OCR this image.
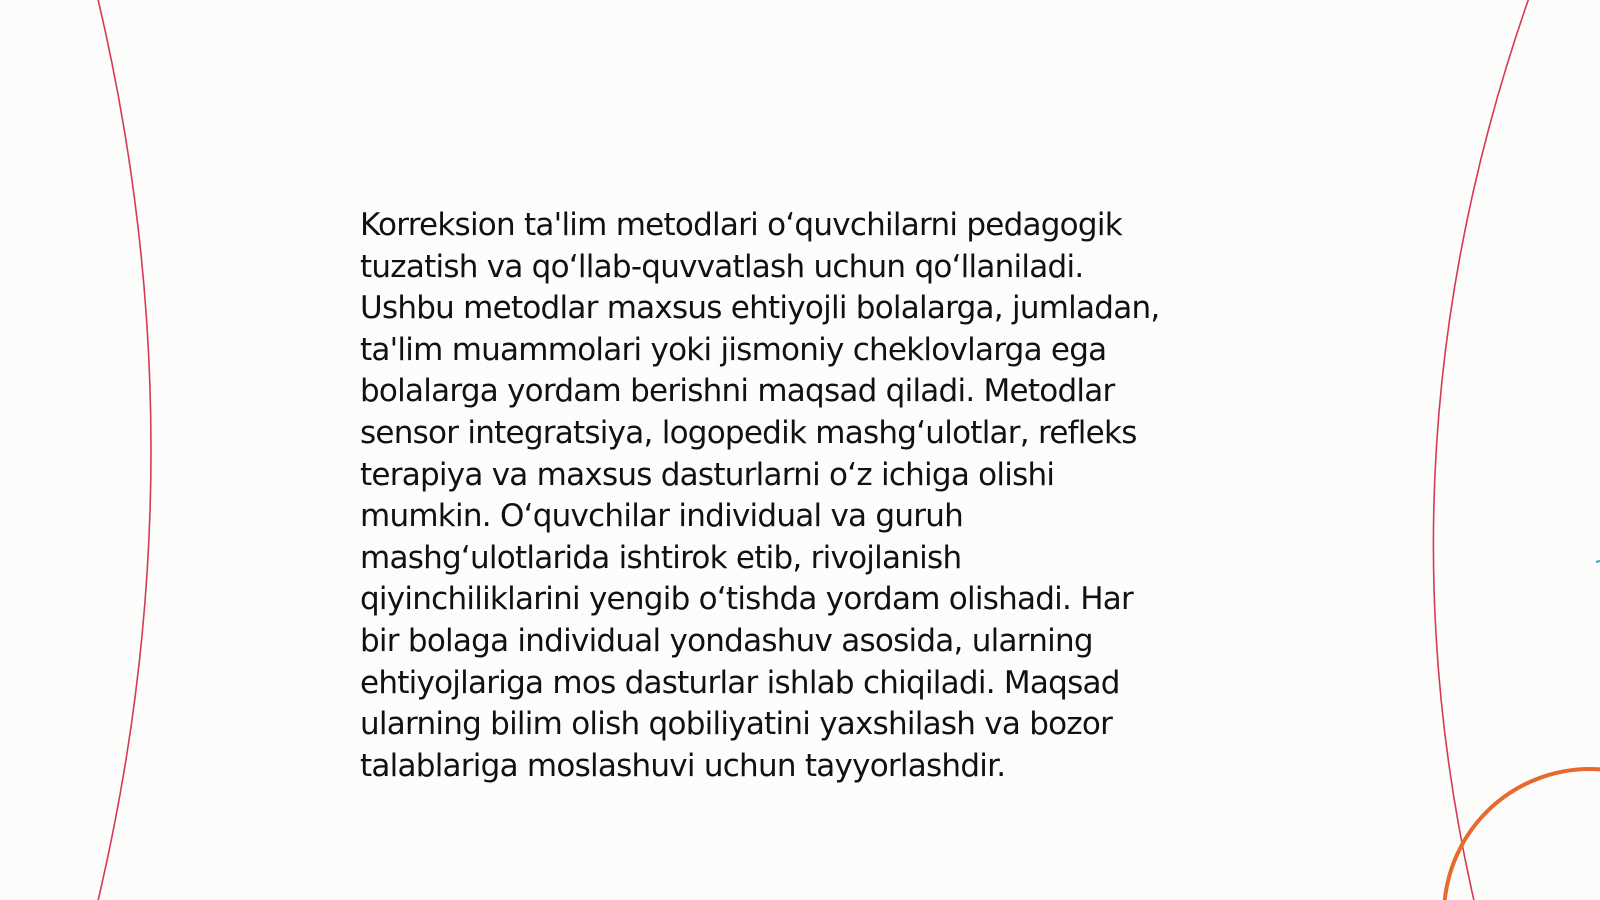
Korreksion ta'lim metodlari oʻquvchilarni pedagogik
tuzatish va qoʻllab-quvvatlash uchun qoʻllaniladi.
Ushbu metodlar maxsus ehtiyojli bolalarga, jumladan,
ta'lim muammolari yoki jismoniy cheklovlarga ega
bolalarga yordam berishni maqsad qiladi. Metodlar
sensor integratsiya, logopedik mashgʻulotlar, refleks
terapiya va maxsus dasturlarni oʻz ichiga olishi
mumkin. Oʻquvchilar individual va guruh
mashgʻulotlarida ishtirok etib, rivojlanish
qiyinchiliklarini yengib oʻtishda yordam olishadi. Har
bir bolaga individual yondashuv asosida, ularning
ehtiyojlariga mos dasturlar ishlab chiqiladi. Maqsad
ularning bilim olish qobiliyatini yaxshilash va bozor
talablariga moslashuvi uchun tayyorlashdir.
